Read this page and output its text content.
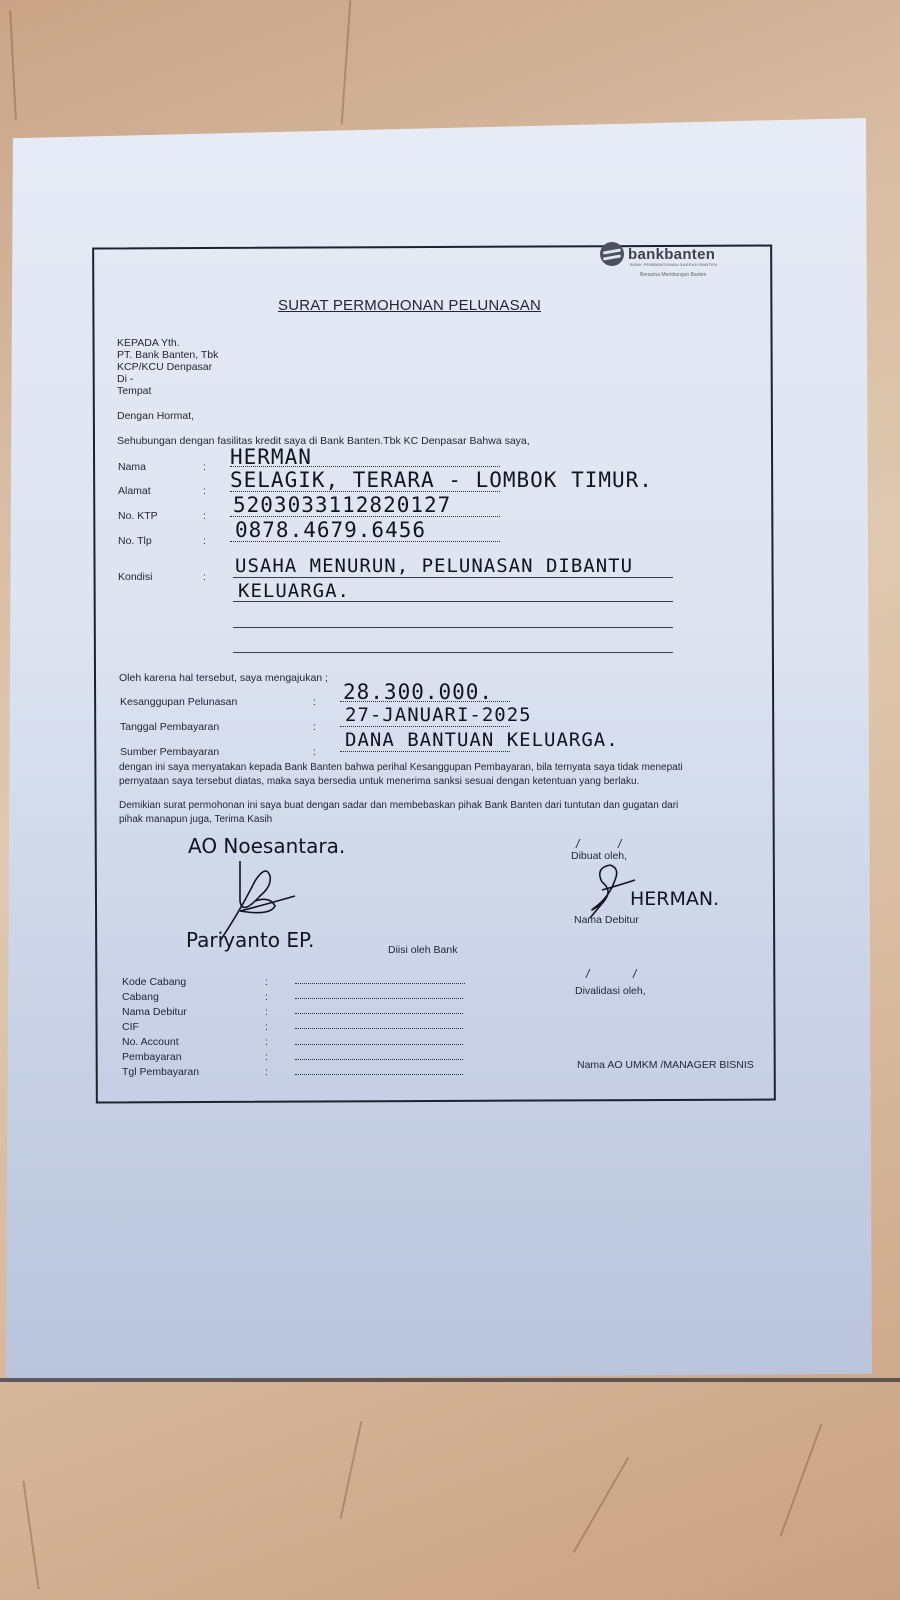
bankbanten
BANK PEMBANGUNAN DAERAH BANTEN
Bersama Membangun Banten
SURAT PERMOHONAN PELUNASAN
KEPADA Yth.
PT. Bank Banten, Tbk
KCP/KCU Denpasar
Di -
Tempat
Dengan Hormat,
Sehubungan dengan fasilitas kredit saya di Bank Banten.Tbk KC Denpasar Bahwa saya,
Nama	: HERMAN
Alamat	: SELAGIK, TERARA - LOMBOK TIMUR.
No. KTP	: 5203033112820127
No. Tlp	: 0878.4679.6456
Kondisi	: USAHA MENURUN, PELUNASAN DIBANTU
KELUARGA.
Oleh karena hal tersebut, saya mengajukan ;
Kesanggupan Pelunasan	: 28.300.000.
Tanggal Pembayaran	:
27-JANUARI-2025
Sumber Pembayaran	:
DANA BANTUAN KELUARGA.
dengan ini saya menyatakan kepada Bank Banten bahwa perihal Kesanggupan Pembayaran, bila ternyata saya tidak menepati
pernyataan saya tersebut diatas, maka saya bersedia untuk menerima sanksi sesuai dengan ketentuan yang berlaku.
Demikian surat permohonan ini saya buat dengan sadar dan membebaskan pihak Bank Banten dari tuntutan dan gugatan dari
pihak manapun juga, Terima Kasih
AO Noesantara.
Pariyanto EP.
/	/
Dibuat oleh,
HERMAN.
Nama Debitur
/	/
Divalidasi oleh,
Nama AO UMKM /MANAGER BISNIS
Diisi oleh Bank
Kode Cabang	:
Cabang	:
Nama Debitur	:
CIF	:
No. Account	:
Pembayaran	:
Tgl Pembayaran	:
